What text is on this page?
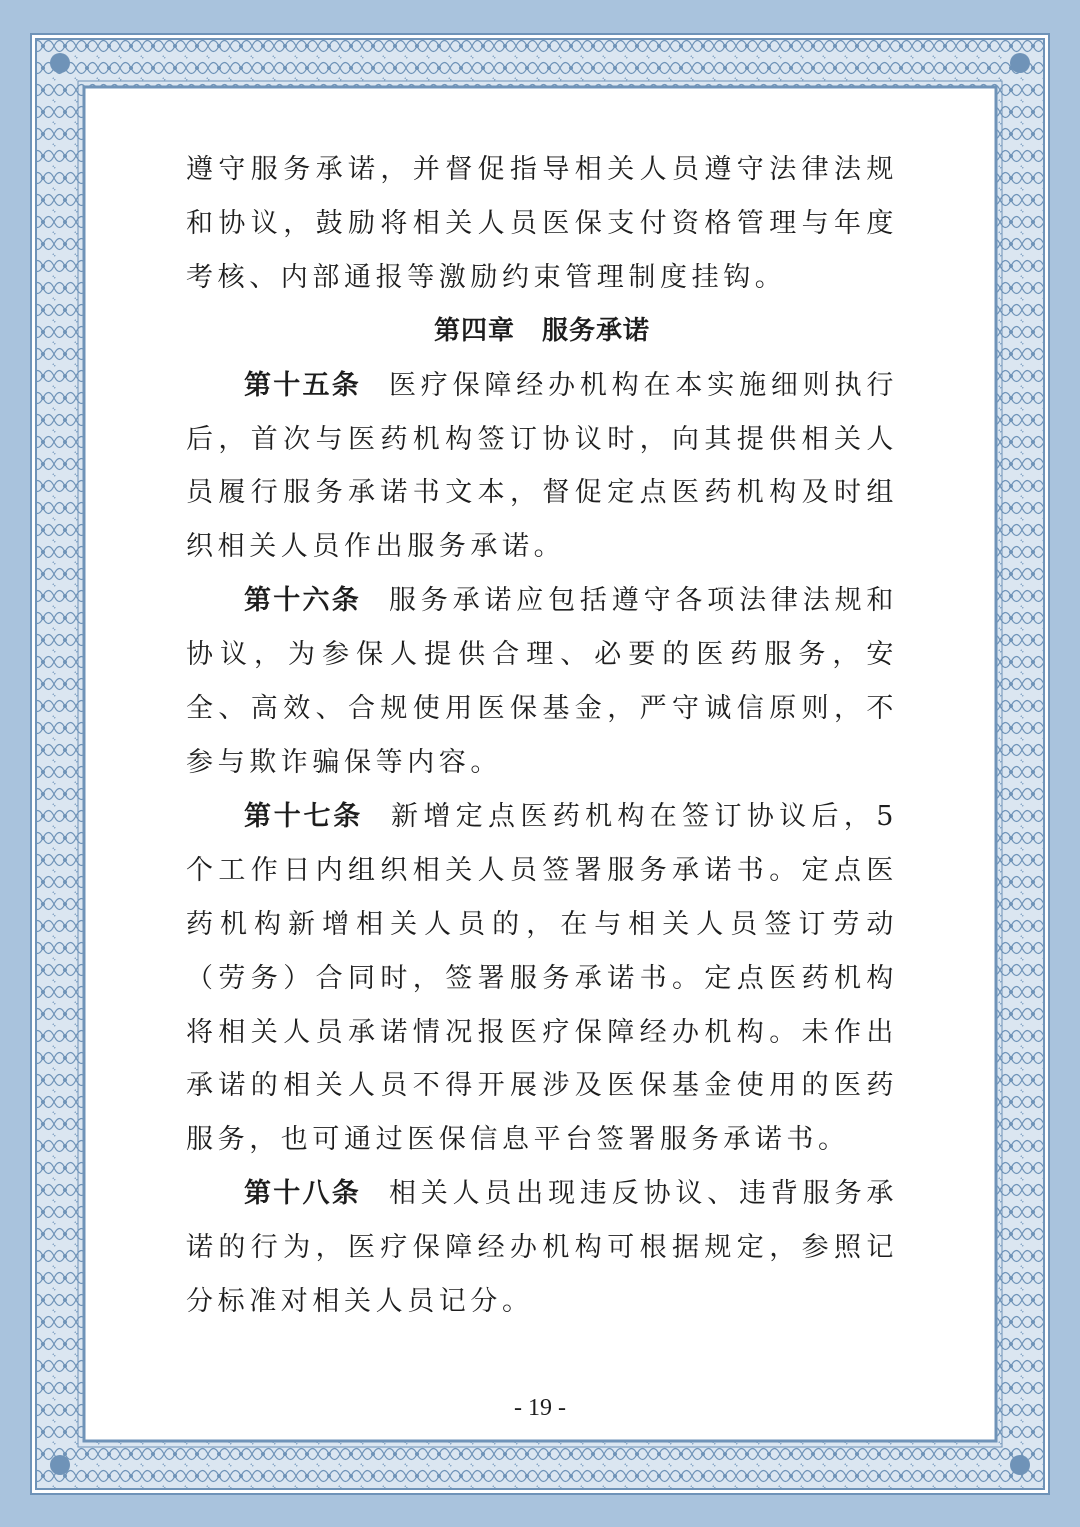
遵守服务承诺，并督促指导相关人员遵守法律法规和协议，鼓励将相关人员医保支付资格管理与年度考核、内部通报等激励约束管理制度挂钩。

第四章　服务承诺

第十五条 医疗保障经办机构在本实施细则执行后，首次与医药机构签订协议时，向其提供相关人员履行服务承诺书文本，督促定点医药机构及时组织相关人员作出服务承诺。

第十六条 服务承诺应包括遵守各项法律法规和协议，为参保人提供合理、必要的医药服务，安全、高效、合规使用医保基金，严守诚信原则，不参与欺诈骗保等内容。

第十七条 新增定点医药机构在签订协议后，5个工作日内组织相关人员签署服务承诺书。定点医药机构新增相关人员的，在与相关人员签订劳动（劳务）合同时，签署服务承诺书。定点医药机构将相关人员承诺情况报医疗保障经办机构。未作出承诺的相关人员不得开展涉及医保基金使用的医药服务，也可通过医保信息平台签署服务承诺书。

第十八条 相关人员出现违反协议、违背服务承诺的行为，医疗保障经办机构可根据规定，参照记分标准对相关人员记分。

- 19 -
